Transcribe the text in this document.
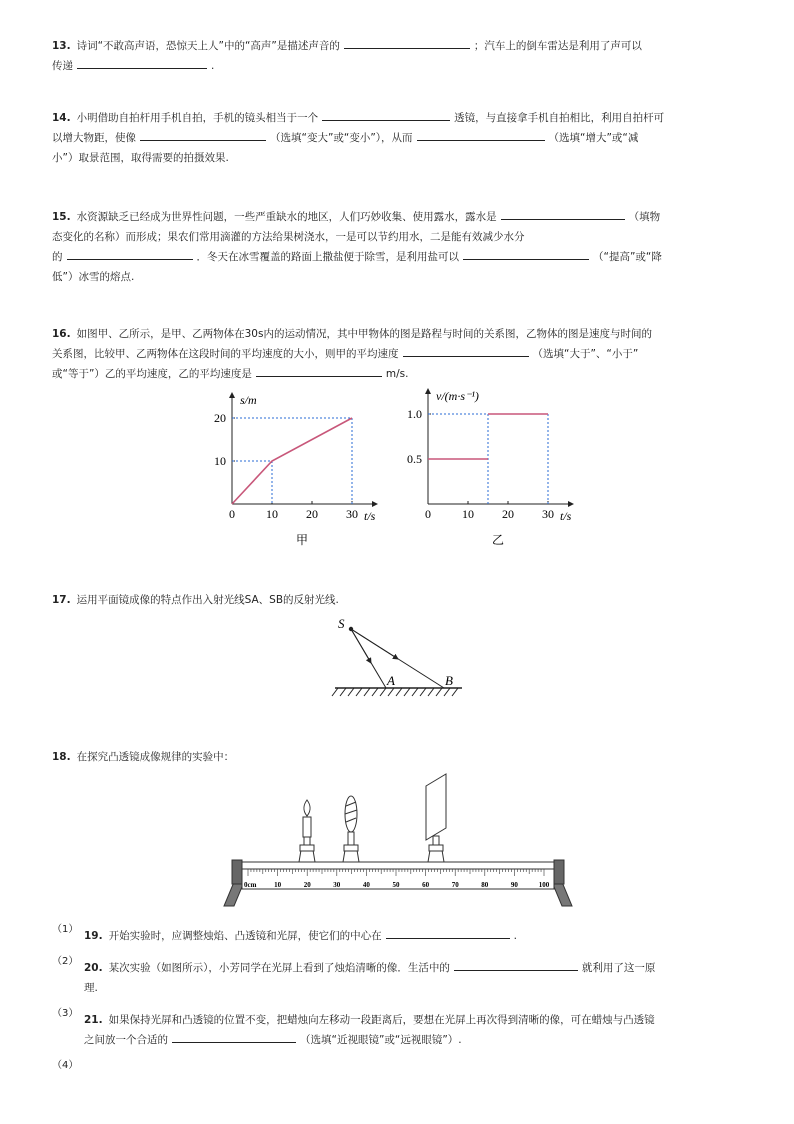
13. 诗词“不敢高声语，恐惊天上人”中的“高声”是描述声音的	；汽车上的倒车雷达是利用了声可以
传递	.
14. 小明借助自拍杆用手机自拍，手机的镜头相当于一个	透镜，与直接拿手机自拍相比，利用自拍杆可
以增大物距，使像	（选填“变大”或“变小”），从而	（选填“增大”或“减
小”）取景范围，取得需要的拍摄效果.
15. 水资源缺乏已经成为世界性问题，一些严重缺水的地区，人们巧妙收集、使用露水，露水是	（填物
态变化的名称）而形成；果农们常用滴灌的方法给果树浇水，一是可以节约用水，二是能有效减少水分
的	．冬天在冰雪覆盖的路面上撒盐便于除雪，是利用盐可以	（“提高”或“降
低”）冰雪的熔点.
16. 如图甲、乙所示，是甲、乙两物体在30s内的运动情况，其中甲物体的图是路程与时间的关系图，乙物体的图是速度与时间的
关系图，比较甲、乙两物体在这段时间的平均速度的大小，则甲的平均速度	（选填“大于”、“小于”
或“等于”）乙的平均速度，乙的平均速度是	m/s.
0	10 20 30
10
20
s/m
t/s
甲
0	10 20 30
0.5
1.0
v/(m·s⁻¹)
t/s
乙
17. 运用平面镜成像的特点作出入射光线SA、SB的反射光线.
S
A	B
18. 在探究凸透镜成像规律的实验中：
0cm	10	20	30	40	50	60	70	80	90	100
（1）
19. 开始实验时，应调整烛焰、凸透镜和光屏，使它们的中心在	.
（2）
20. 某次实验（如图所示），小芳同学在光屏上看到了烛焰清晰的像．生活中的	就利用了这一原
理.
（3）
21. 如果保持光屏和凸透镜的位置不变，把蜡烛向左移动一段距离后，要想在光屏上再次得到清晰的像，可在蜡烛与凸透镜
之间放一个合适的	（选填“近视眼镜”或“远视眼镜”）.
（4）
